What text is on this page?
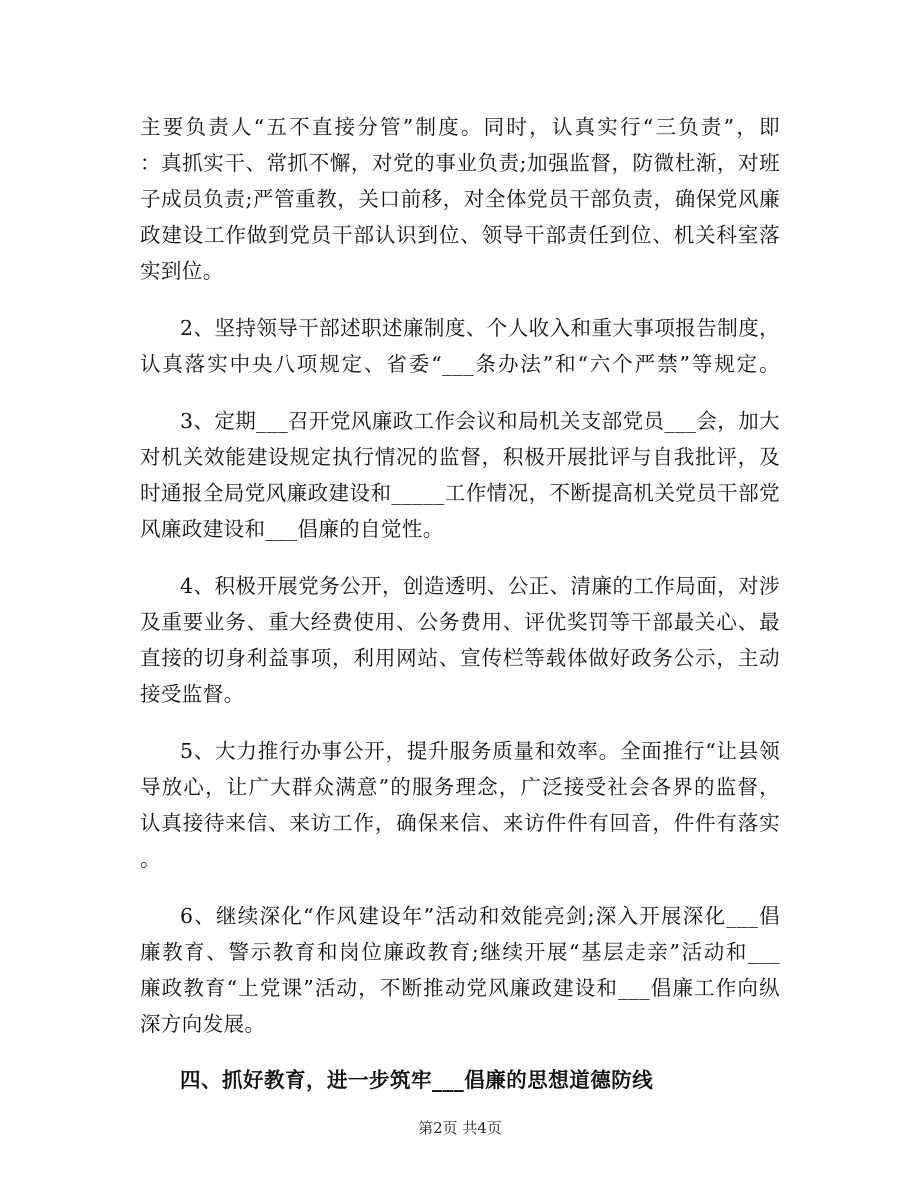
主要负责人“五不直接分管”制度。同时，认真实行“三负责”，即
：真抓实干、常抓不懈，对党的事业负责;加强监督，防微杜渐，对班
子成员负责;严管重教，关口前移，对全体党员干部负责，确保党风廉
政建设工作做到党员干部认识到位、领导干部责任到位、机关科室落
实到位。
2、坚持领导干部述职述廉制度、个人收入和重大事项报告制度，
认真落实中央八项规定、省委“___条办法”和“六个严禁”等规定。
3、定期___召开党风廉政工作会议和局机关支部党员___会，加大
对机关效能建设规定执行情况的监督，积极开展批评与自我批评，及
时通报全局党风廉政建设和_____工作情况，不断提高机关党员干部党
风廉政建设和___倡廉的自觉性。
4、积极开展党务公开，创造透明、公正、清廉的工作局面，对涉
及重要业务、重大经费使用、公务费用、评优奖罚等干部最关心、最
直接的切身利益事项，利用网站、宣传栏等载体做好政务公示，主动
接受监督。
5、大力推行办事公开，提升服务质量和效率。全面推行“让县领
导放心，让广大群众满意”的服务理念，广泛接受社会各界的监督，
认真接待来信、来访工作，确保来信、来访件件有回音，件件有落实
。
6、继续深化“作风建设年”活动和效能亮剑;深入开展深化___倡
廉教育、警示教育和岗位廉政教育;继续开展“基层走亲”活动和___
廉政教育“上党课”活动，不断推动党风廉政建设和___倡廉工作向纵
深方向发展。
四、抓好教育，进一步筑牢___倡廉的思想道德防线
第2页 共4页
